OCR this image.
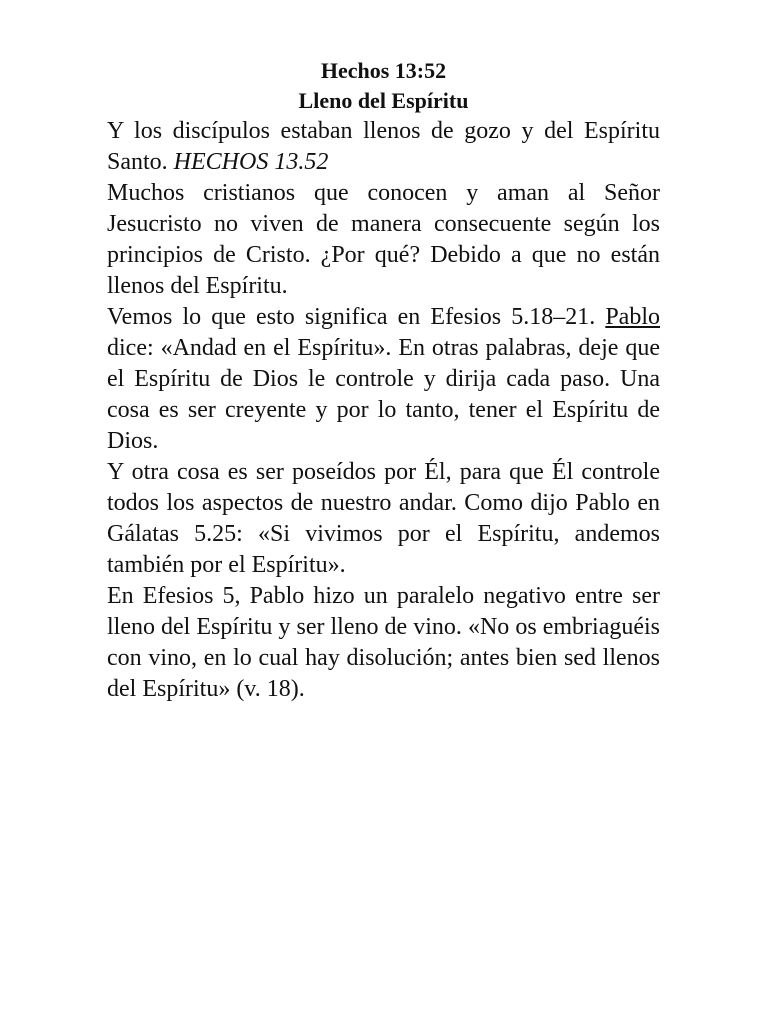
Hechos 13:52
Lleno del Espíritu

Y los discípulos estaban llenos de gozo y del Espíritu Santo. HECHOS 13.52

Muchos cristianos que conocen y aman al Señor Jesucristo no viven de manera consecuente según los principios de Cristo. ¿Por qué? Debido a que no están llenos del Espíritu.

Vemos lo que esto significa en Efesios 5.18–21. Pablo dice: «Andad en el Espíritu». En otras palabras, deje que el Espíritu de Dios le controle y dirija cada paso. Una cosa es ser creyente y por lo tanto, tener el Espíritu de Dios.

Y otra cosa es ser poseídos por Él, para que Él controle todos los aspectos de nuestro andar. Como dijo Pablo en Gálatas 5.25: «Si vivimos por el Espíritu, andemos también por el Espíritu».

En Efesios 5, Pablo hizo un paralelo negativo entre ser lleno del Espíritu y ser lleno de vino. «No os embriaguéis con vino, en lo cual hay disolución; antes bien sed llenos del Espíritu» (v. 18).
